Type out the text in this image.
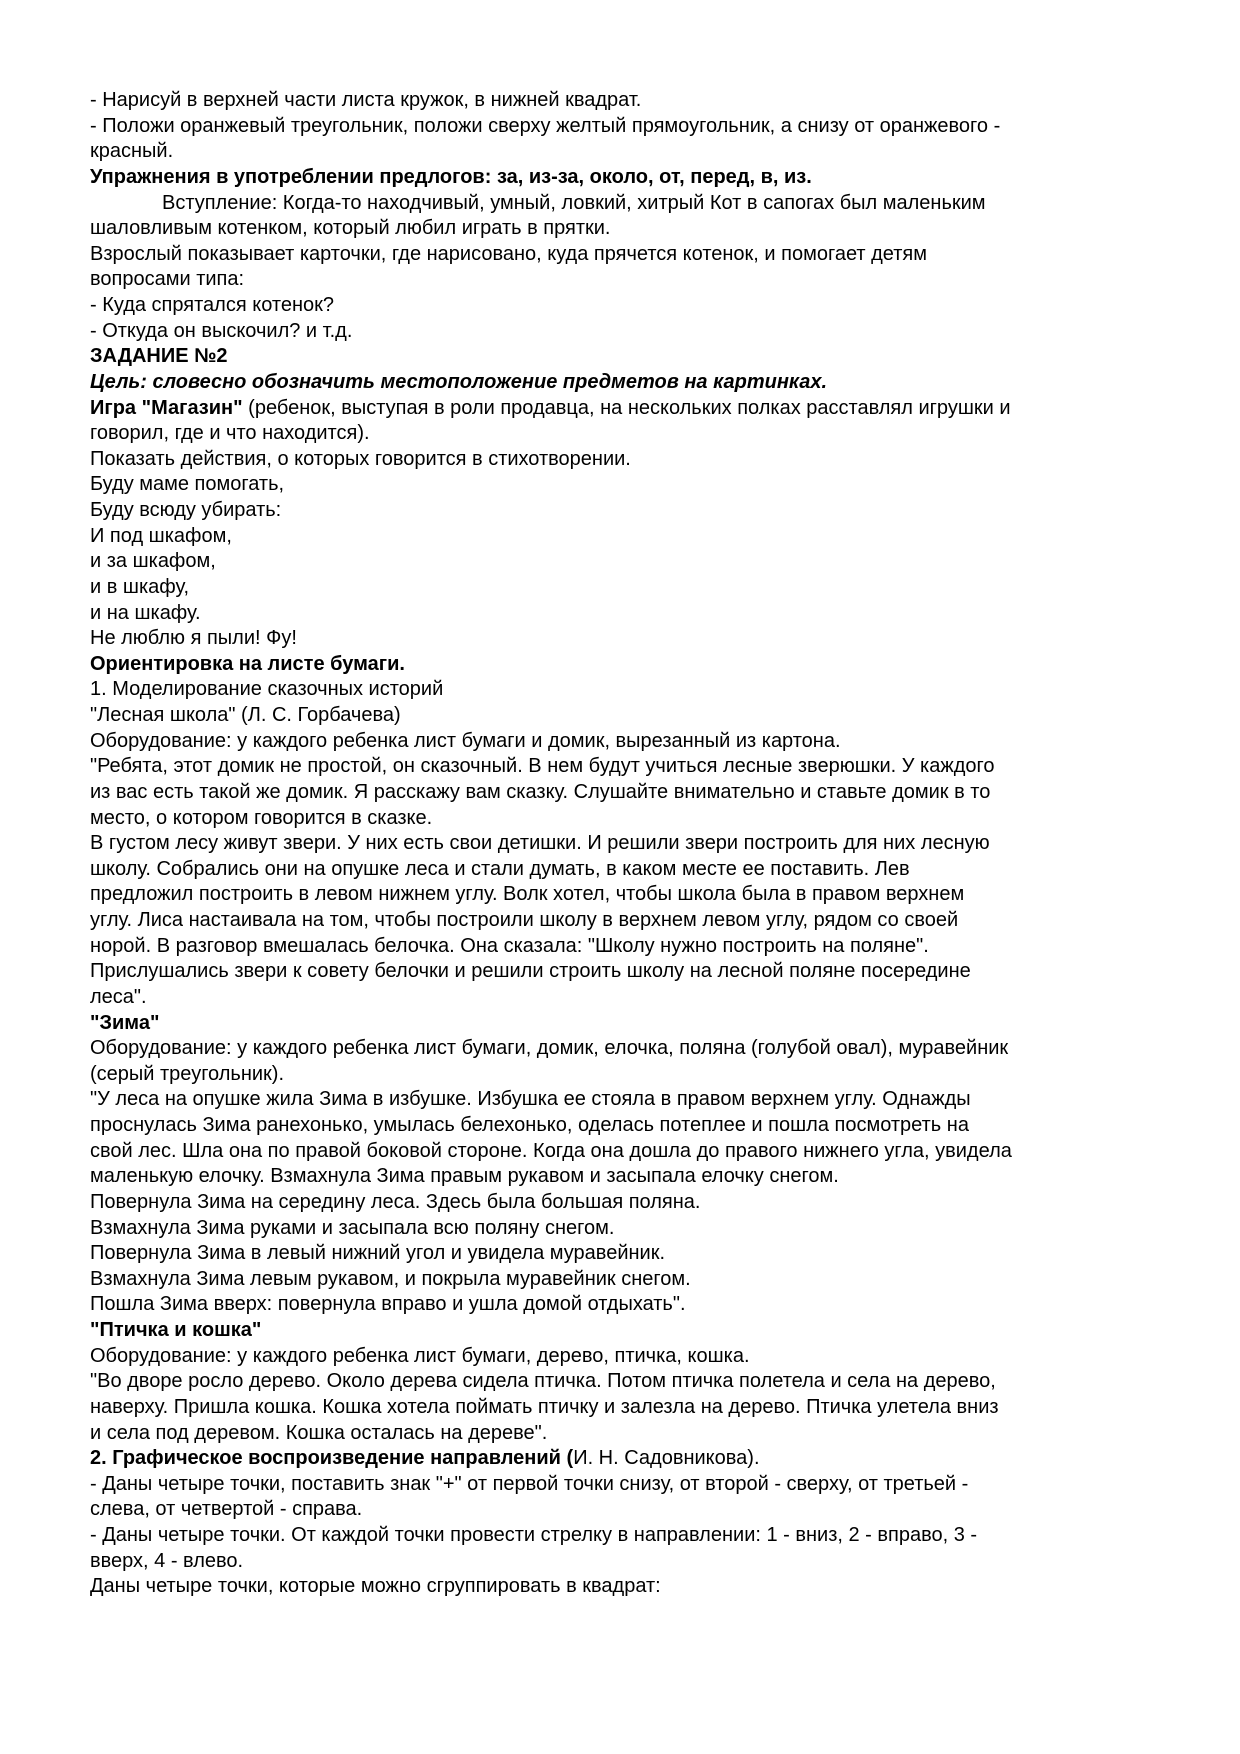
- Нарисуй в верхней части листа кружок, в нижней квадрат.
- Положи оранжевый треугольник, положи сверху желтый прямоугольник, а снизу от оранжевого -
красный.
Упражнения в употреблении предлогов: за, из-за, около, от, перед, в, из.
Вступление: Когда-то находчивый, умный, ловкий, хитрый Кот в сапогах был маленьким
шаловливым котенком, который любил играть в прятки.
Взрослый показывает карточки, где нарисовано, куда прячется котенок, и помогает детям
вопросами типа:
- Куда спрятался котенок?
- Откуда он выскочил? и т.д.
ЗАДАНИЕ №2
Цель: словесно обозначить местоположение предметов на картинках.
Игра "Магазин" (ребенок, выступая в роли продавца, на нескольких полках расставлял игрушки и
говорил, где и что находится).
Показать действия, о которых говорится в стихотворении.
Буду маме помогать,
Буду всюду убирать:
И под шкафом,
и за шкафом,
и в шкафу,
и на шкафу.
Не люблю я пыли! Фу!
Ориентировка на листе бумаги.
1. Моделирование сказочных историй
"Лесная школа" (Л. С. Горбачева)
Оборудование: у каждого ребенка лист бумаги и домик, вырезанный из картона.
"Ребята, этот домик не простой, он сказочный. В нем будут учиться лесные зверюшки. У каждого
из вас есть такой же домик. Я расскажу вам сказку. Слушайте внимательно и ставьте домик в то
место, о котором говорится в сказке.
В густом лесу живут звери. У них есть свои детишки. И решили звери построить для них лесную
школу. Собрались они на опушке леса и стали думать, в каком месте ее поставить. Лев
предложил построить в левом нижнем углу. Волк хотел, чтобы школа была в правом верхнем
углу. Лиса настаивала на том, чтобы построили школу в верхнем левом углу, рядом со своей
норой. В разговор вмешалась белочка. Она сказала: "Школу нужно построить на поляне".
Прислушались звери к совету белочки и решили строить школу на лесной поляне посередине
леса".
"Зима"
Оборудование: у каждого ребенка лист бумаги, домик, елочка, поляна (голубой овал), муравейник
(серый треугольник).
"У леса на опушке жила Зима в избушке. Избушка ее стояла в правом верхнем углу. Однажды
проснулась Зима ранехонько, умылась белехонько, оделась потеплее и пошла посмотреть на
свой лес. Шла она по правой боковой стороне. Когда она дошла до правого нижнего угла, увидела
маленькую елочку. Взмахнула Зима правым рукавом и засыпала елочку снегом.
Повернула Зима на середину леса. Здесь была большая поляна.
Взмахнула Зима руками и засыпала всю поляну снегом.
Повернула Зима в левый нижний угол и увидела муравейник.
Взмахнула Зима левым рукавом, и покрыла муравейник снегом.
Пошла Зима вверх: повернула вправо и ушла домой отдыхать".
"Птичка и кошка"
Оборудование: у каждого ребенка лист бумаги, дерево, птичка, кошка.
"Во дворе росло дерево. Около дерева сидела птичка. Потом птичка полетела и села на дерево,
наверху. Пришла кошка. Кошка хотела поймать птичку и залезла на дерево. Птичка улетела вниз
и села под деревом. Кошка осталась на дереве".
2. Графическое воспроизведение направлений (И. Н. Садовникова).
- Даны четыре точки, поставить знак "+" от первой точки снизу, от второй - сверху, от третьей -
слева, от четвертой - справа.
- Даны четыре точки. От каждой точки провести стрелку в направлении: 1 - вниз, 2 - вправо, 3 -
вверх, 4 - влево.
Даны четыре точки, которые можно сгруппировать в квадрат:
